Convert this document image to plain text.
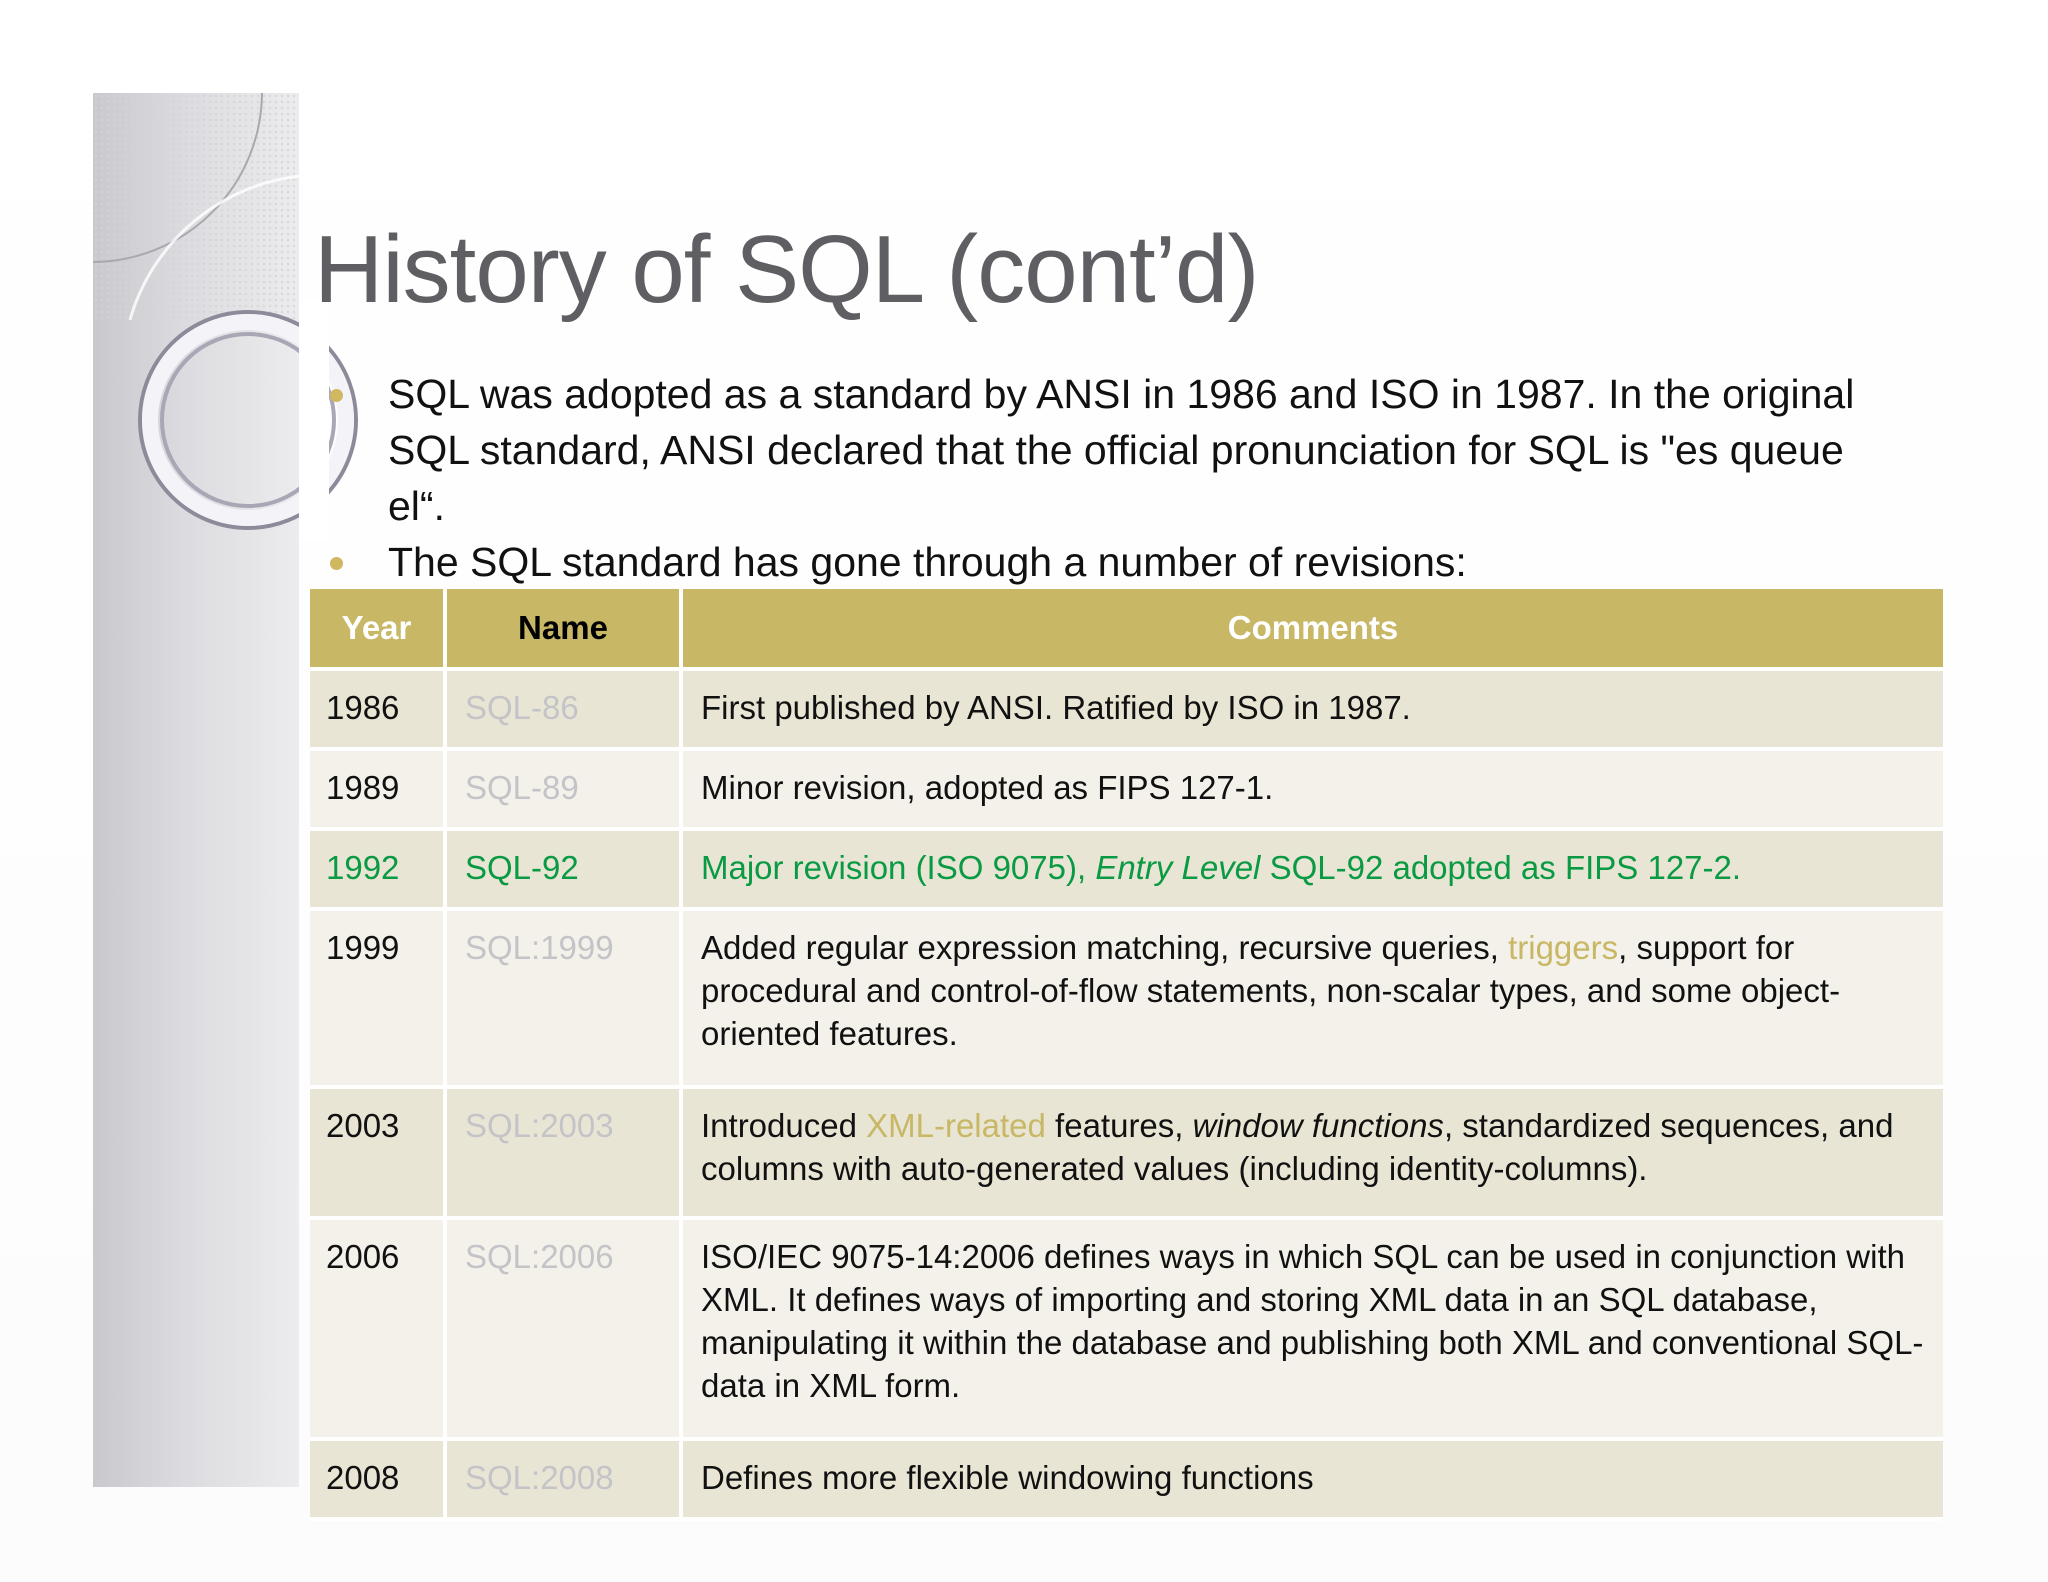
History of SQL (cont’d)
SQL was adopted as a standard by ANSI in 1986 and ISO in 1987. In the original SQL standard, ANSI declared that the official pronunciation for SQL is "es queue el“.
The SQL standard has gone through a number of revisions:
Year	Name	Comments
1986	SQL-86	First published by ANSI. Ratified by ISO in 1987.
1989	SQL-89	Minor revision, adopted as FIPS 127-1.
1992	SQL-92	Major revision (ISO 9075), Entry Level SQL-92 adopted as FIPS 127-2.
1999	SQL:1999	Added regular expression matching, recursive queries, triggers, support for procedural and control-of-flow statements, non-scalar types, and some object-oriented features.
2003	SQL:2003	Introduced XML-related features, window functions, standardized sequences, and columns with auto-generated values (including identity-columns).
2006	SQL:2006	ISO/IEC 9075-14:2006 defines ways in which SQL can be used in conjunction with XML. It defines ways of importing and storing XML data in an SQL database, manipulating it within the database and publishing both XML and conventional SQL-data in XML form.
2008	SQL:2008	Defines more flexible windowing functions
